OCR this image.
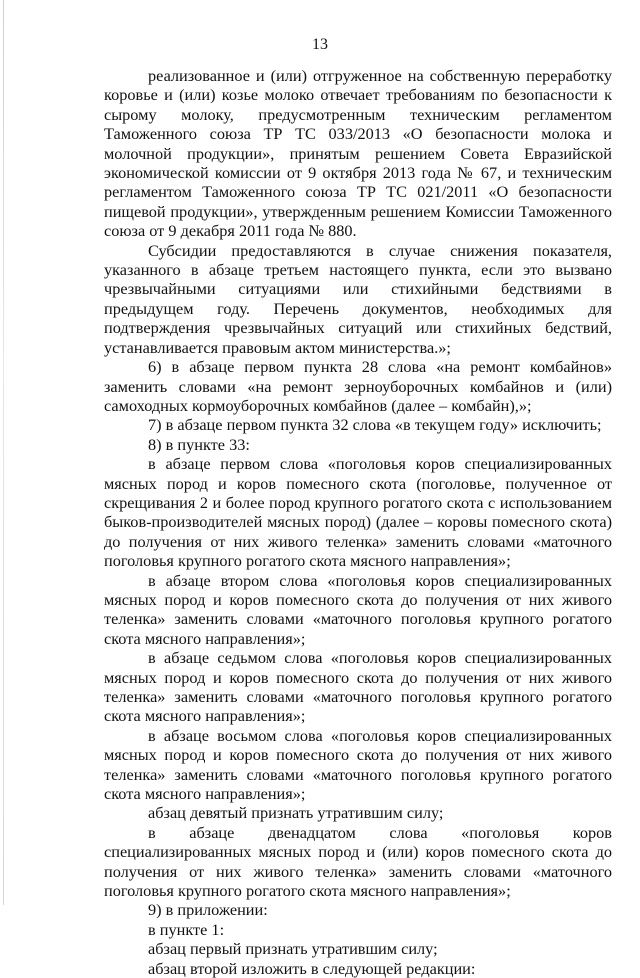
13

реализованное и (или) отгруженное на собственную переработку коровье и (или) козье молоко отвечает требованиям по безопасности к сырому молоку, предусмотренным техническим регламентом Таможенного союза ТР ТС 033/2013 «О безопасности молока и молочной продукции», принятым решением Совета Евразийской экономической комиссии от 9 октября 2013 года № 67, и техническим регламентом Таможенного союза ТР ТС 021/2011 «О безопасности пищевой продукции», утвержденным решением Комиссии Таможенного союза от 9 декабря 2011 года № 880.

Субсидии предоставляются в случае снижения показателя, указанного в абзаце третьем настоящего пункта, если это вызвано чрезвычайными ситуациями или стихийными бедствиями в предыдущем году. Перечень документов, необходимых для подтверждения чрезвычайных ситуаций или стихийных бедствий, устанавливается правовым актом министерства.»;

6) в абзаце первом пункта 28 слова «на ремонт комбайнов» заменить словами «на ремонт зерноуборочных комбайнов и (или) самоходных кормоуборочных комбайнов (далее – комбайн),»;

7) в абзаце первом пункта 32 слова «в текущем году» исключить;

8) в пункте 33:

в абзаце первом слова «поголовья коров специализированных мясных пород и коров помесного скота (поголовье, полученное от скрещивания 2 и более пород крупного рогатого скота с использованием быков-производителей мясных пород) (далее – коровы помесного скота) до получения от них живого теленка» заменить словами «маточного поголовья крупного рогатого скота мясного направления»;

в абзаце втором слова «поголовья коров специализированных мясных пород и коров помесного скота до получения от них живого теленка» заменить словами «маточного поголовья крупного рогатого скота мясного направления»;

в абзаце седьмом слова «поголовья коров специализированных мясных пород и коров помесного скота до получения от них живого теленка» заменить словами «маточного поголовья крупного рогатого скота мясного направления»;

в абзаце восьмом слова «поголовья коров специализированных мясных пород и коров помесного скота до получения от них живого теленка» заменить словами «маточного поголовья крупного рогатого скота мясного направления»;

абзац девятый признать утратившим силу;

в абзаце двенадцатом слова «поголовья коров специализированных мясных пород и (или) коров помесного скота до получения от них живого теленка» заменить словами «маточного поголовья крупного рогатого скота мясного направления»;

9) в приложении:

в пункте 1:

абзац первый признать утратившим силу;

абзац второй изложить в следующей редакции:
